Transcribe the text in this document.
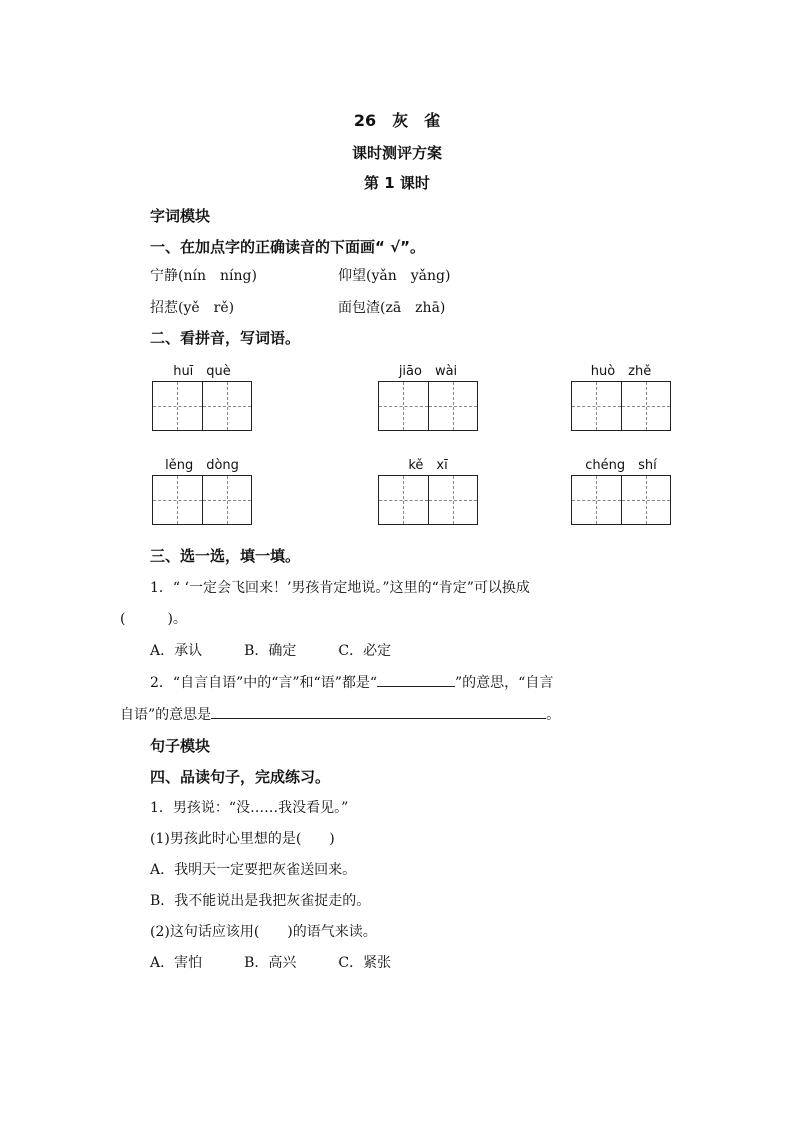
26　灰　雀
课时测评方案
第 1 课时
字词模块
一、在加点字的正确读音的下面画“ √”。
宁静(nín　níng)	仰望(yǎn　yǎng)
招惹(yě　rě)	面包渣(zā　zhā)
二、看拼音，写词语。
huī　què	jiāo　wài	huò　zhě
lěng　dòng	kě　xī	chéng　shí
三、选一选，填一填。
1．“ ‘一定会飞回来！’男孩肯定地说。”这里的“肯定”可以换成
(　　　)。
A．承认　　　B．确定　　　C．必定
2．“自言自语”中的“言”和“语”都是“	”的意思，“自言
自语”的意思是	。
句子模块
四、品读句子，完成练习。
1．男孩说：“没……我没看见。”
(1)男孩此时心里想的是(　　)
A．我明天一定要把灰雀送回来。
B．我不能说出是我把灰雀捉走的。
(2)这句话应该用(　　)的语气来读。
A．害怕　　　B．高兴　　　C．紧张
